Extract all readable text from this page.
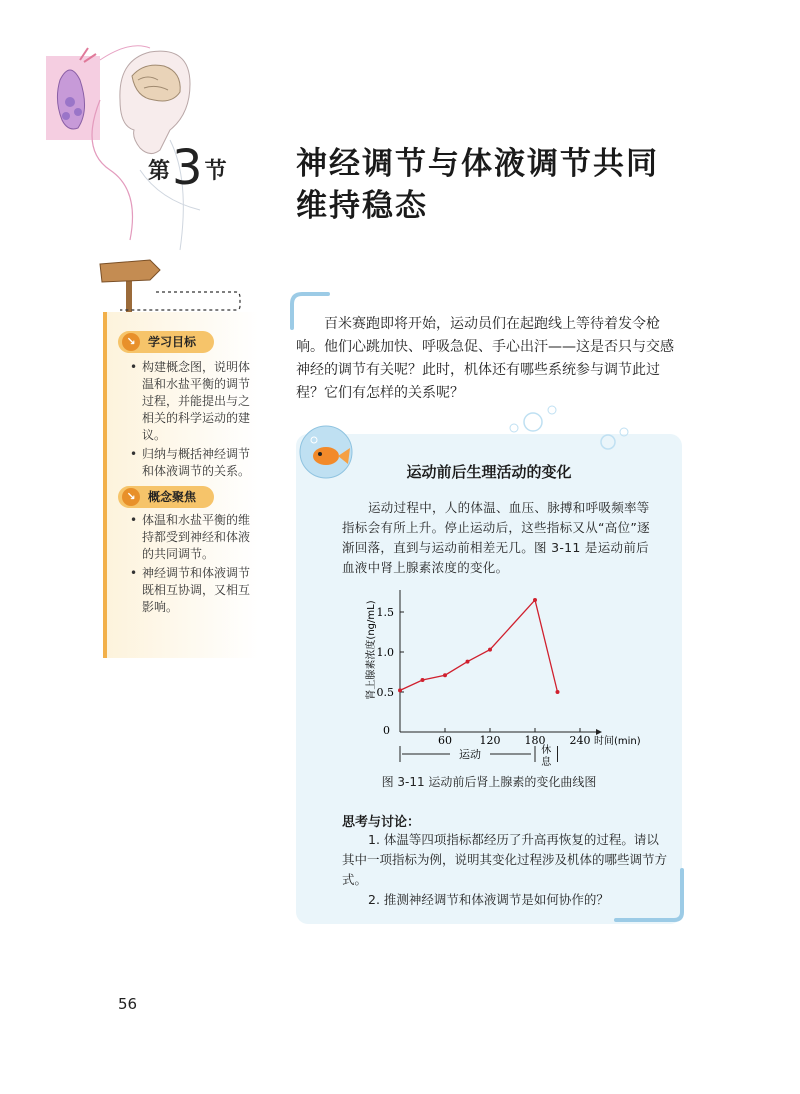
第3节 神经调节与体液调节共同
维持稳态
↘	学习目标
• 构建概念图，说明体温和水盐平衡的调节过程，并能提出与之相关的科学运动的建议。
• 归纳与概括神经调节和体液调节的关系。
↘	概念聚焦
• 体温和水盐平衡的维持都受到神经和体液的共同调节。
• 神经调节和体液调节既相互协调，又相互影响。
百米赛跑即将开始，运动员们在起跑线上等待着发令枪响。他们心跳加快、呼吸急促、手心出汗——这是否只与交感神经的调节有关呢？此时，机体还有哪些系统参与调节此过程？它们有怎样的关系呢？
运动前后生理活动的变化
运动过程中，人的体温、血压、脉搏和呼吸频率等指标会有所上升。停止运动后，这些指标又从“高位”逐渐回落，直到与运动前相差无几。图 3-11 是运动前后血液中肾上腺素浓度的变化。
0.5
1.0
1.5
60	120 180 240
0
时间(min)
肾上腺素浓度(ng/mL)
运动	休
息
图 3-11 运动前后肾上腺素的变化曲线图
思考与讨论：

1. 体温等四项指标都经历了升高再恢复的过程。请以其中一项指标为例，说明其变化过程涉及机体的哪些调节方式。

2. 推测神经调节和体液调节是如何协作的？

56
